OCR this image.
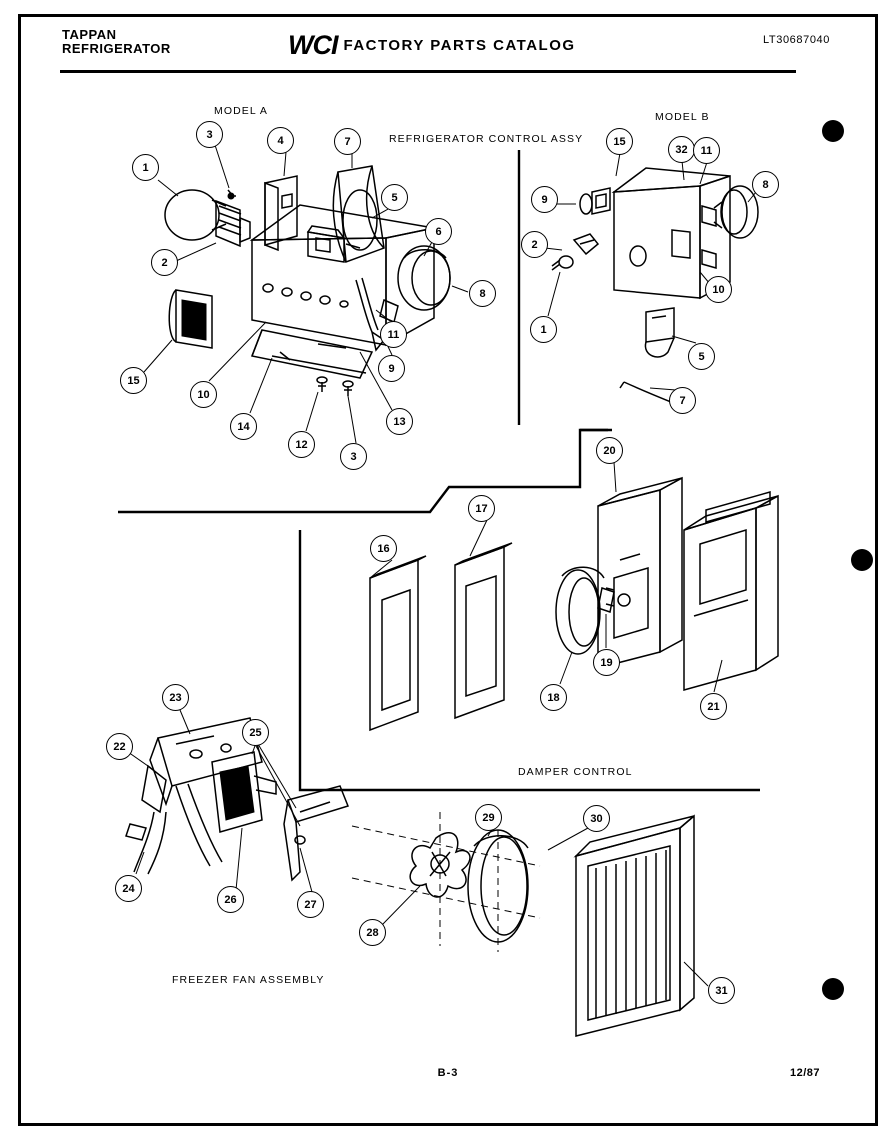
TAPPAN
REFRIGERATOR	WCI FACTORY PARTS CATALOG	LT30687040
MODEL A	MODEL B
REFRIGERATOR CONTROL ASSY
DAMPER CONTROL
FREEZER FAN ASSEMBLY
B-3	12/87
1
3	4	7
5
6
2
8
11
9
15
10
13
14
12
3
15
32	11
8
9
2
10
1
5
7
20
17
16
19
18
21
23
22
25
29	30
24
26	27
28
31
